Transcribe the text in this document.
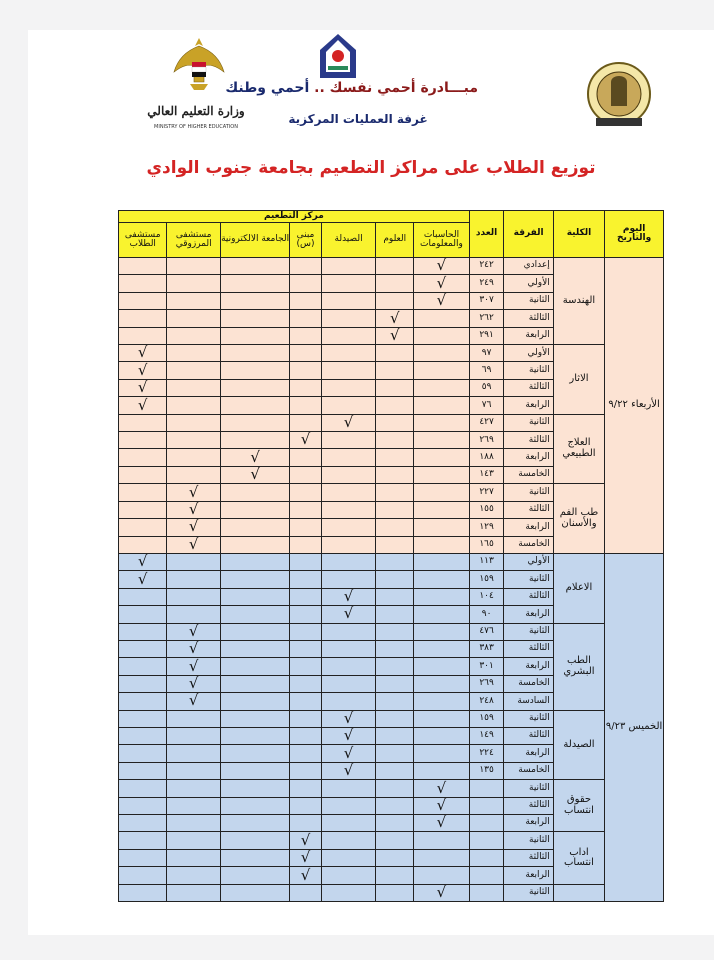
وزارة التعليم العالي
MINISTRY OF HIGHER EDUCATION
مبـــادرة أحمي نفسك .. أحمي وطنك
غرفة العمليات المركزية
توزيع الطلاب على مراكز التطعيم بجامعة جنوب الوادي
اليوم والتاريخ	الكلية	الفرقة	العدد	مركز التطعيم						
				الحاسبات والمعلومات	العلوم	الصيدلة	مبنى (س)	الجامعة الالكترونية	مستشفى المرزوقي	مستشفى الطلاب
الأربعاء ٩/٢٢	الهندسة	إعدادي	٢٤٢	√						
		الأولي	٢٤٩	√						
		الثانية	٣٠٧	√						
		الثالثة	٢٦٢		√					
		الرابعة	٢٩١		√					
	الاثار	الأولي	٩٧							√
		الثانية	٦٩							√
		الثالثة	٥٩							√
		الرابعة	٧٦							√
	العلاج الطبيعي	الثانية	٤٢٧			√				
		الثالثة	٢٦٩				√			
		الرابعة	١٨٨					√		
		الخامسة	١٤٣					√		
	طب الفم والأسنان	الثانية	٢٢٧						√	
		الثالثة	١٥٥						√	
		الرابعة	١٢٩						√	
		الخامسة	١٦٥						√	
الخميس ٩/٢٣	الاعلام	الأولي	١١٣							√
		الثانية	١٥٩							√
		الثالثة	١٠٤			√				
		الرابعة	٩٠			√				
	الطب البشري	الثانية	٤٧٦						√	
		الثالثة	٣٨٣						√	
		الرابعة	٣٠١						√	
		الخامسة	٢٦٩						√	
		السادسة	٢٤٨						√	
	الصيدلة	الثانية	١٥٩			√				
		الثالثة	١٤٩			√				
		الرابعة	٢٢٤			√				
		الخامسة	١٣٥			√				
	حقوق انتساب	الثانية		√						
		الثالثة		√						
		الرابعة		√						
	اداب انتساب	الثانية					√			
		الثالثة					√			
		الرابعة					√			
		الثانية		√						
